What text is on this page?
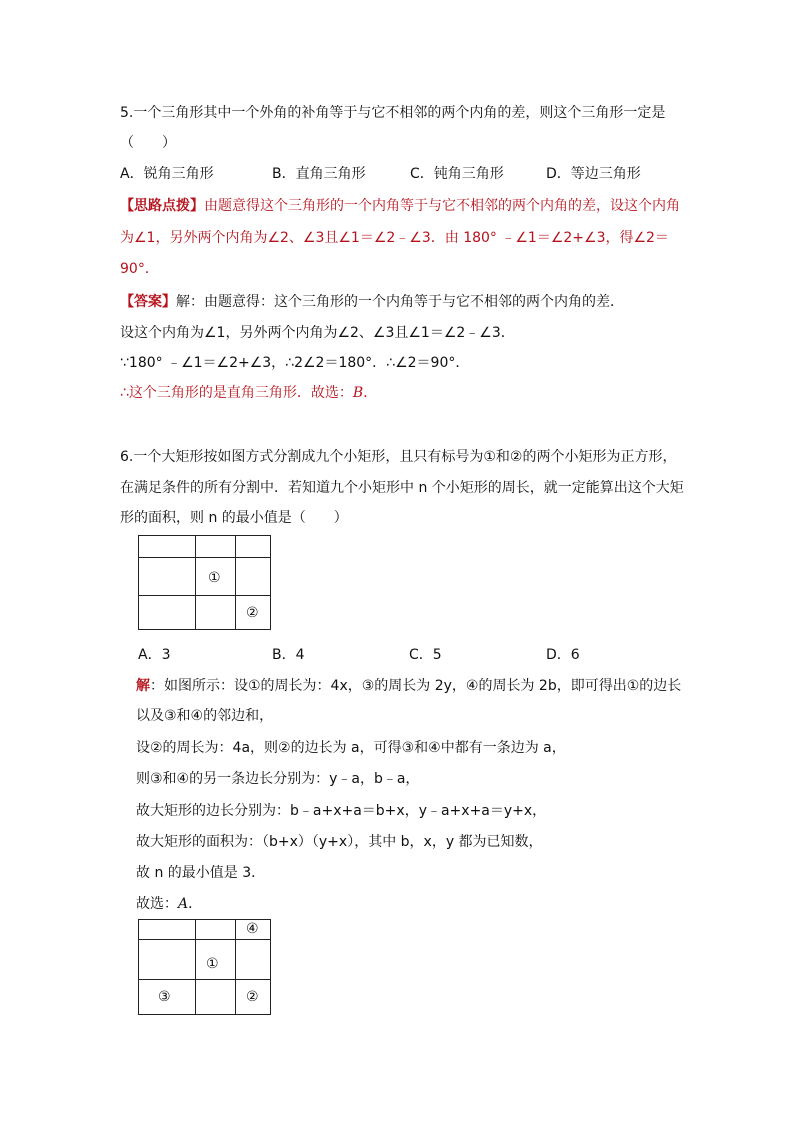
5.一个三角形其中一个外角的补角等于与它不相邻的两个内角的差，则这个三角形一定是
（　　）
A．锐角三角形	B．直角三角形	C．钝角三角形	D．等边三角形
【思路点拨】由题意得这个三角形的一个内角等于与它不相邻的两个内角的差，设这个内角
为∠1，另外两个内角为∠2、∠3且∠1＝∠2﹣∠3．由 180° ﹣∠1＝∠2+∠3，得∠2＝
90°．
【答案】解：由题意得：这个三角形的一个内角等于与它不相邻的两个内角的差．
设这个内角为∠1，另外两个内角为∠2、∠3且∠1＝∠2﹣∠3．
∵180° ﹣∠1＝∠2+∠3，∴2∠2＝180°．∴∠2＝90°．
∴这个三角形的是直角三角形．故选：B．
6.一个大矩形按如图方式分割成九个小矩形，且只有标号为①和②的两个小矩形为正方形，
在满足条件的所有分割中．若知道九个小矩形中 n 个小矩形的周长，就一定能算出这个大矩
形的面积，则 n 的最小值是（　　）
①
②
A．3	B．4	C．5	D．6
解：如图所示：设①的周长为：4x，③的周长为 2y，④的周长为 2b，即可得出①的边长
以及③和④的邻边和，
设②的周长为：4a，则②的边长为 a，可得③和④中都有一条边为 a，
则③和④的另一条边长分别为：y﹣a，b﹣a，
故大矩形的边长分别为：b﹣a+x+a＝b+x，y﹣a+x+a＝y+x，
故大矩形的面积为：（b+x）（y+x），其中 b，x，y 都为已知数，
故 n 的最小值是 3．
故选：A．
④
①
③	②
